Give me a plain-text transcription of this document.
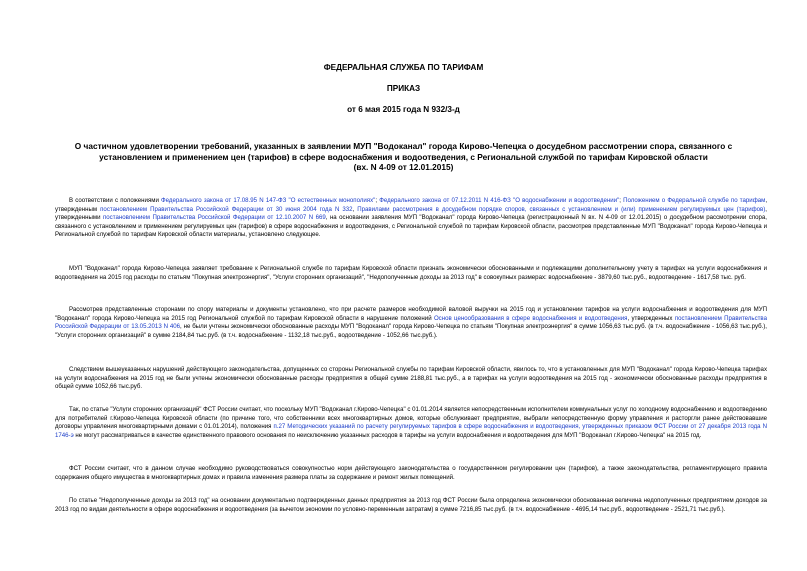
ФЕДЕРАЛЬНАЯ СЛУЖБА ПО ТАРИФАМ
ПРИКАЗ
от 6 мая 2015 года N 932/3-д
О частичном удовлетворении требований, указанных в заявлении МУП "Водоканал" города Кирово-Чепецка о досудебном рассмотрении спора, связанного с
установлением и применением цен (тарифов) в сфере водоснабжения и водоотведения, с Региональной службой по тарифам Кировской области
(вх. N 4-09 от 12.01.2015)

В соответствии с положениями Федерального закона от 17.08.95 N 147-ФЗ "О естественных монополиях"; Федерального закона от 07.12.2011 N 416-ФЗ "О водоснабжении и водоотведении"; Положением о Федеральной службе по тарифам, утвержденным постановлением Правительства Российской Федерации от 30 июня 2004 года N 332, Правилами рассмотрения в досудебном порядке споров, связанных с установлением и (или) применением регулируемых цен (тарифов), утвержденными постановлением Правительства Российской Федерации от 12.10.2007 N 669, на основании заявления МУП "Водоканал" города Кирово-Чепецка (регистрационный N вх. N 4-09 от 12.01.2015) о досудебном рассмотрении спора, связанного с установлением и применением регулируемых цен (тарифов) в сфере водоснабжения и водоотведения, с Региональной службой по тарифам Кировской области, рассмотрев представленные МУП "Водоканал" города Кирово-Чепецка и Региональной службой по тарифам Кировской области материалы, установлено следующее.

МУП "Водоканал" города Кирово-Чепецка заявляет требование к Региональной службе по тарифам Кировской области признать экономически обоснованными и подлежащими дополнительному учету в тарифах на услуги водоснабжения и водоотведения на 2015 год расходы по статьям "Покупная электроэнергия", "Услуги сторонних организаций", "Недополученные доходы за 2013 год" в совокупных размерах: водоснабжение - 3879,60 тыс.руб., водоотведение - 1617,58 тыс. руб.

Рассмотрев представленные сторонами по спору материалы и документы установлено, что при расчете размеров необходимой валовой выручки на 2015 год и установлении тарифов на услуги водоснабжения и водоотведения для МУП "Водоканал" города Кирово-Чепецка на 2015 год Региональной службой по тарифам Кировской области в нарушение положений Основ ценообразования в сфере водоснабжения и водоотведения, утвержденных постановлением Правительства Российской Федерации от 13.05.2013 N 406, не были учтены экономически обоснованные расходы МУП "Водоканал" города Кирово-Чепецка по статьям "Покупная электроэнергия" в сумме 1056,63 тыс.руб. (в т.ч. водоснабжение - 1056,63 тыс.руб.), "Услуги сторонних организаций" в сумме 2184,84 тыс.руб. (в т.ч. водоснабжение - 1132,18 тыс.руб., водоотведение - 1052,66 тыс.руб.).

Следствием вышеуказанных нарушений действующего законодательства, допущенных со стороны Региональной службы по тарифам Кировской области, явилось то, что в установленных для МУП "Водоканал" города Кирово-Чепецка тарифах на услуги водоснабжения на 2015 год не были учтены экономически обоснованные расходы предприятия в общей сумме 2188,81 тыс.руб., а в тарифах на услуги водоотведения на 2015 год - экономически обоснованные расходы предприятия в общей сумме 1052,66 тыс.руб.

Так, по статье "Услуги сторонних организаций" ФСТ России считает, что поскольку МУП "Водоканал г.Кирово-Чепецка" с 01.01.2014 является непосредственным исполнителем коммунальных услуг по холодному водоснабжению и водоотведению для потребителей г.Кирово-Чепецка Кировской области (по причине того, что собственники всех многоквартирных домов, которые обслуживает предприятие, выбрали непосредственную форму управления и расторгли ранее действовавшие договоры управления многоквартирными домами с 01.01.2014), положения п.27 Методических указаний по расчету регулируемых тарифов в сфере водоснабжения и водоотведения, утвержденных приказом ФСТ России от 27 декабря 2013 года N 1746-э не могут рассматриваться в качестве единственного правового основания по неисключению указанных расходов в тарифы на услуги водоснабжения и водоотведения для МУП "Водоканал г.Кирово-Чепецка" на 2015 год.

ФСТ России считает, что в данном случае необходимо руководствоваться совокупностью норм действующего законодательства о государственном регулировании цен (тарифов), а также законодательства, регламентирующего правила содержания общего имущества в многоквартирных домах и правила изменения размера платы за содержание и ремонт жилых помещений.

По статье "Недополученные доходы за 2013 год" на основании документально подтвержденных данных предприятия за 2013 год ФСТ России была определена экономически обоснованная величина недополученных предприятием доходов за 2013 год по видам деятельности в сфере водоснабжения и водоотведения (за вычетом экономии по условно-переменным затратам) в сумме 7216,85 тыс.руб. (в т.ч. водоснабжение - 4695,14 тыс.руб., водоотведение - 2521,71 тыс.руб.).
